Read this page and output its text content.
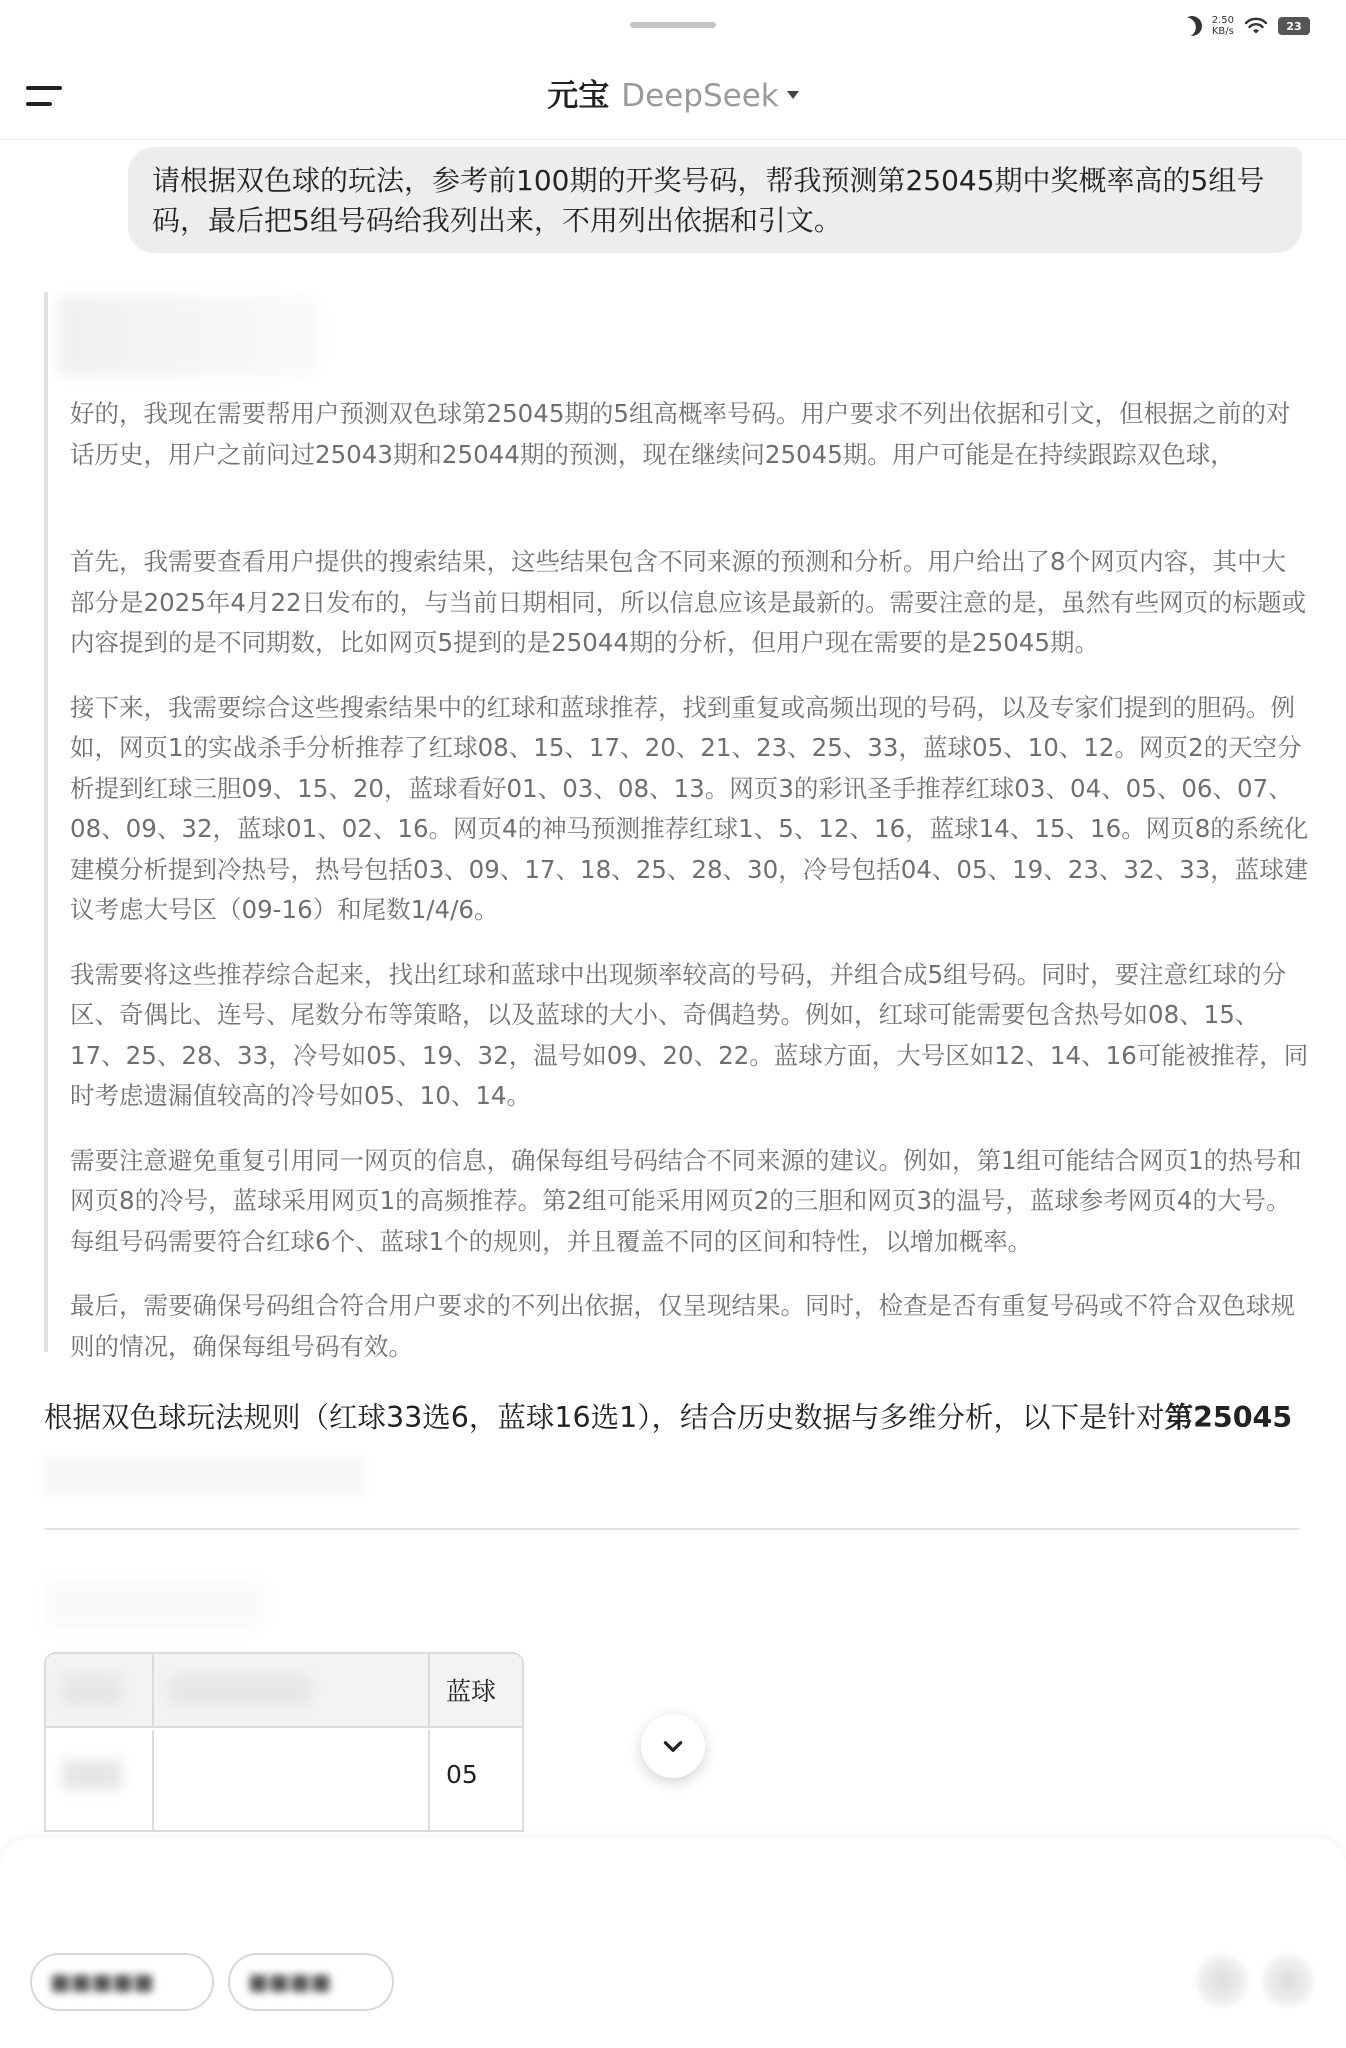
2.50
KB/s	23
元宝 DeepSeek
请根据双色球的玩法，参考前100期的开奖号码，帮我预测第25045期中奖概率高的5组号码，最后把5组号码给我列出来，不用列出依据和引文。

好的，我现在需要帮用户预测双色球第25045期的5组高概率号码。用户要求不列出依据和引文，但根据之前的对话历史，用户之前问过25043期和25044期的预测，现在继续问25045期。用户可能是在持续跟踪双色球，

首先，我需要查看用户提供的搜索结果，这些结果包含不同来源的预测和分析。用户给出了8个网页内容，其中大部分是2025年4月22日发布的，与当前日期相同，所以信息应该是最新的。需要注意的是，虽然有些网页的标题或内容提到的是不同期数，比如网页5提到的是25044期的分析，但用户现在需要的是25045期。

接下来，我需要综合这些搜索结果中的红球和蓝球推荐，找到重复或高频出现的号码，以及专家们提到的胆码。例如，网页1的实战杀手分析推荐了红球08、15、17、20、21、23、25、33，蓝球05、10、12。网页2的天空分析提到红球三胆09、15、20，蓝球看好01、03、08、13。网页3的彩讯圣手推荐红球03、04、05、06、07、08、09、32，蓝球01、02、16。网页4的神马预测推荐红球1、5、12、16，蓝球14、15、16。网页8的系统化建模分析提到冷热号，热号包括03、09、17、18、25、28、30，冷号包括04、05、19、23、32、33，蓝球建议考虑大号区（09-16）和尾数1/4/6。

我需要将这些推荐综合起来，找出红球和蓝球中出现频率较高的号码，并组合成5组号码。同时，要注意红球的分区、奇偶比、连号、尾数分布等策略，以及蓝球的大小、奇偶趋势。例如，红球可能需要包含热号如08、15、17、25、28、33，冷号如05、19、32，温号如09、20、22。蓝球方面，大号区如12、14、16可能被推荐，同时考虑遗漏值较高的冷号如05、10、14。

需要注意避免重复引用同一网页的信息，确保每组号码结合不同来源的建议。例如，第1组可能结合网页1的热号和网页8的冷号，蓝球采用网页1的高频推荐。第2组可能采用网页2的三胆和网页3的温号，蓝球参考网页4的大号。每组号码需要符合红球6个、蓝球1个的规则，并且覆盖不同的区间和特性，以增加概率。

最后，需要确保号码组合符合用户要求的不列出依据，仅呈现结果。同时，检查是否有重复号码或不符合双色球规则的情况，确保每组号码有效。

根据双色球玩法规则（红球33选6，蓝球16选1），结合历史数据与多维分析，以下是针对第25045
蓝球
05
■■■■■	■■■■
